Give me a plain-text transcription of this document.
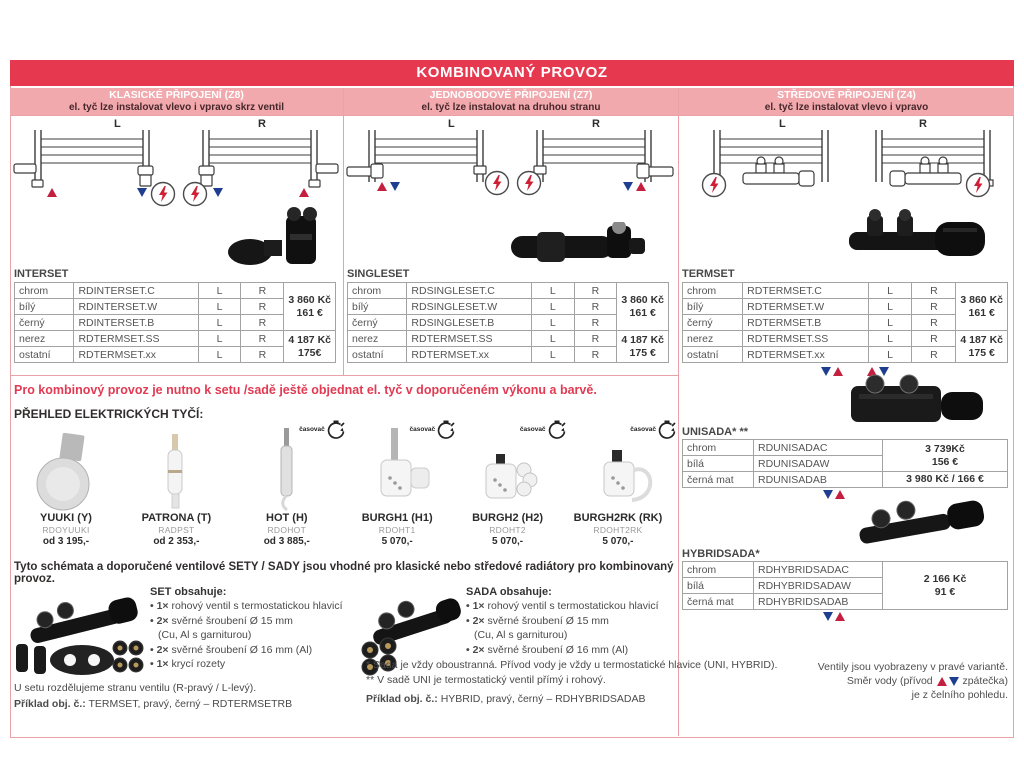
KOMBINOVANÝ PROVOZ
KLASICKÉ PŘIPOJENÍ (Z8)
el. tyč lze instalovat vlevo i vpravo skrz ventil
JEDNOBODOVÉ PŘIPOJENÍ (Z7)
el. tyč lze instalovat na druhou stranu
STŘEDOVÉ PŘIPOJENÍ (Z4)
el. tyč lze instalovat vlevo i vpravo
L	R	L	R	L	R
INTERSET
chrom	RDINTERSET.C	L	R	3 860 Kč
161 €

bílý	RDINTERSET.W	L	R	
černý	RDINTERSET.B	L	R	
nerez	RDTERMSET.SS	L	R	4 187 Kč
175€

ostatní	RDTERMSET.xx	L	R	
SINGLESET
chrom	RDSINGLESET.C	L	R	3 860 Kč
161 €

bílý	RDSINGLESET.W	L	R	
černý	RDSINGLESET.B	L	R	
nerez	RDTERMSET.SS	L	R	4 187 Kč
175 €

ostatní	RDTERMSET.xx	L	R	
TERMSET
chrom	RDTERMSET.C	L	R	3 860 Kč
161 €

bílý	RDTERMSET.W	L	R	
černý	RDTERMSET.B	L	R	
nerez	RDTERMSET.SS	L	R	4 187 Kč
175 €

ostatní	RDTERMSET.xx	L	R	
Pro kombinový provoz je nutno k setu /sadě ještě objednat el. tyč v doporučeném výkonu a barvě.
PŘEHLED ELEKTRICKÝCH TYČÍ:
YUUKI (Y)
RDOYUUKI
od 3 195,-
PATRONA (T)
RADPST
od 2 353,-
časovač
HOT (H)
RDOHOT
od 3 885,-
časovač
BURGH1 (H1)
RDOHT1
5 070,-
časovač
BURGH2 (H2)
RDOHT2
5 070,-
časovač
BURGH2RK (RK)
RDOHT2RK
5 070,-
Tyto schémata a doporučené ventilové SETY / SADY jsou vhodné pro klasické nebo středové radiátory pro kombinovaný provoz.
UNISADA* **
chrom	RDUNISADAC	3 739Kč
156 €

bílá	RDUNISADAW	
černá mat	RDUNISADAB	3 980 Kč / 166 €
HYBRIDSADA*
chrom	RDHYBRIDSADAC	2 166 Kč
91 €

bílá	RDHYBRIDSADAW	
černá mat	RDHYBRIDSADAB	
SET obsahuje:
• 1× rohový ventil s termostatickou hlavicí
• 2× svěrné šroubení Ø 15 mm
(Cu, Al s garniturou)
• 2× svěrné šroubení Ø 16 mm (Al)
• 1× krycí rozety
U setu rozdělujeme stranu ventilu (R-pravý / L-levý).
Příklad obj. č.: TERMSET, pravý, černý – RDTERMSETRB
SADA obsahuje:
• 1× rohový ventil s termostatickou hlavicí
• 2× svěrné šroubení Ø 15 mm
(Cu, Al s garniturou)
• 2× svěrné šroubení Ø 16 mm (Al)
* Sada je vždy oboustranná. Přívod vody je vždy u termostatické hlavice (UNI, HYBRID).
** V sadě UNI je termostatický ventil přímý i rohový.
Příklad obj. č.: HYBRID, pravý, černý – RDHYBRIDSADAB
Ventily jsou vyobrazeny v pravé variantě.
Směr vody (přívod	zpátečka)
je z čelního pohledu.
